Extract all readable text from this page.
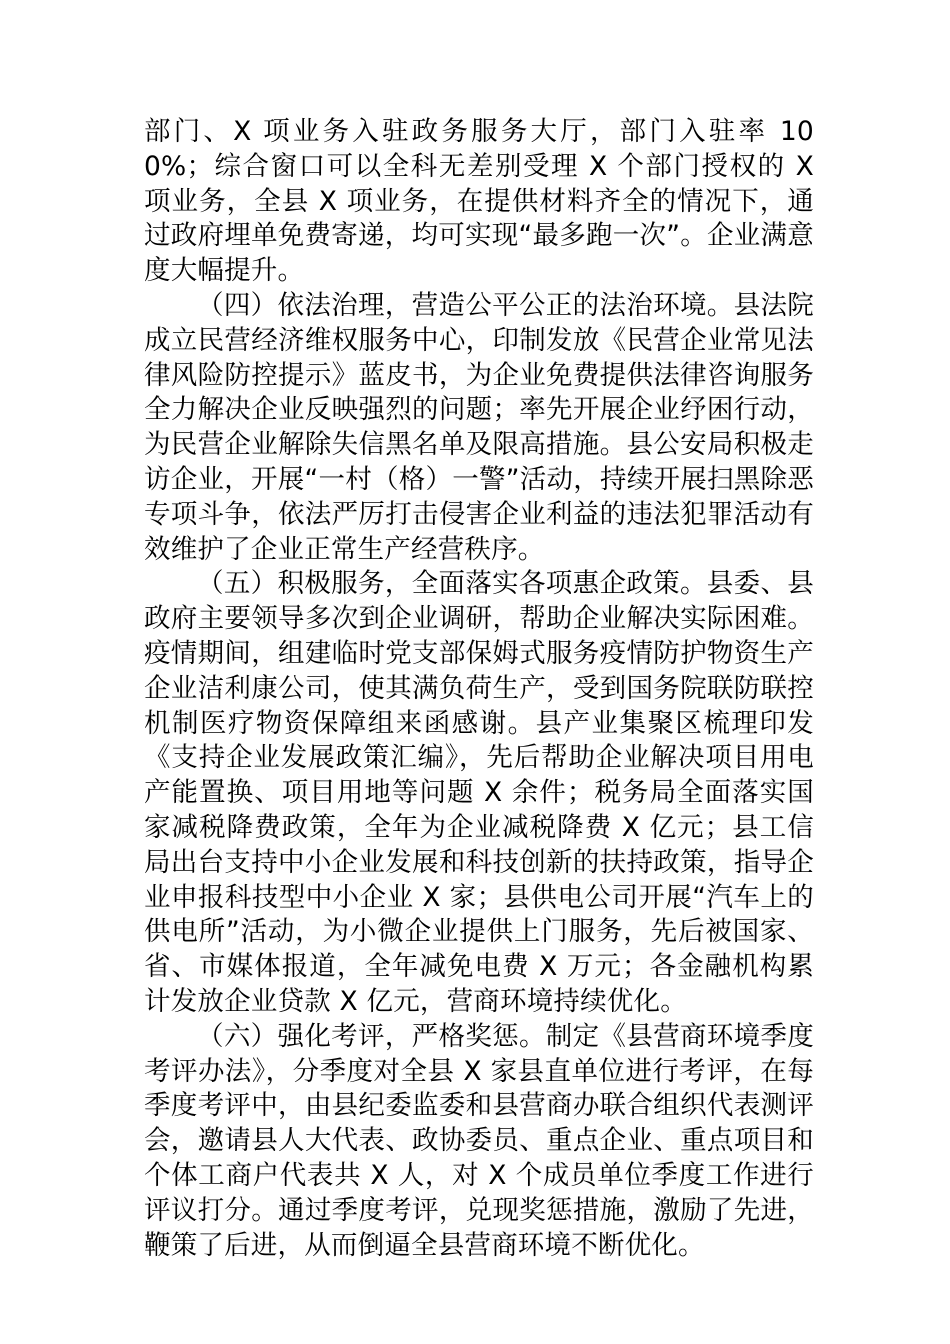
部门、X 项业务入驻政务服务大厅，部门入驻率 100%；综合窗口可以全科无差别受理 X 个部门授权的 X 项业务，全县 X 项业务，在提供材料齐全的情况下，通过政府埋单免费寄递，均可实现“最多跑一次”。企业满意度大幅提升。

（四）依法治理，营造公平公正的法治环境。县法院成立民营经济维权服务中心，印制发放《民营企业常见法律风险防控提示》蓝皮书，为企业免费提供法律咨询服务全力解决企业反映强烈的问题；率先开展企业纾困行动，为民营企业解除失信黑名单及限高措施。县公安局积极走访企业，开展“一村（格）一警”活动，持续开展扫黑除恶专项斗争，依法严厉打击侵害企业利益的违法犯罪活动有效维护了企业正常生产经营秩序。

（五）积极服务，全面落实各项惠企政策。县委、县政府主要领导多次到企业调研，帮助企业解决实际困难。疫情期间，组建临时党支部保姆式服务疫情防护物资生产企业洁利康公司，使其满负荷生产，受到国务院联防联控机制医疗物资保障组来函感谢。县产业集聚区梳理印发《支持企业发展政策汇编》，先后帮助企业解决项目用电产能置换、项目用地等问题 X 余件；税务局全面落实国家减税降费政策，全年为企业减税降费 X 亿元；县工信局出台支持中小企业发展和科技创新的扶持政策，指导企业申报科技型中小企业 X 家；县供电公司开展“汽车上的供电所”活动，为小微企业提供上门服务，先后被国家、省、市媒体报道，全年减免电费 X 万元；各金融机构累计发放企业贷款 X 亿元，营商环境持续优化。

（六）强化考评，严格奖惩。制定《县营商环境季度考评办法》，分季度对全县 X 家县直单位进行考评，在每季度考评中，由县纪委监委和县营商办联合组织代表测评会，邀请县人大代表、政协委员、重点企业、重点项目和个体工商户代表共 X 人，对 X 个成员单位季度工作进行评议打分。通过季度考评，兑现奖惩措施，激励了先进，鞭策了后进，从而倒逼全县营商环境不断优化。
